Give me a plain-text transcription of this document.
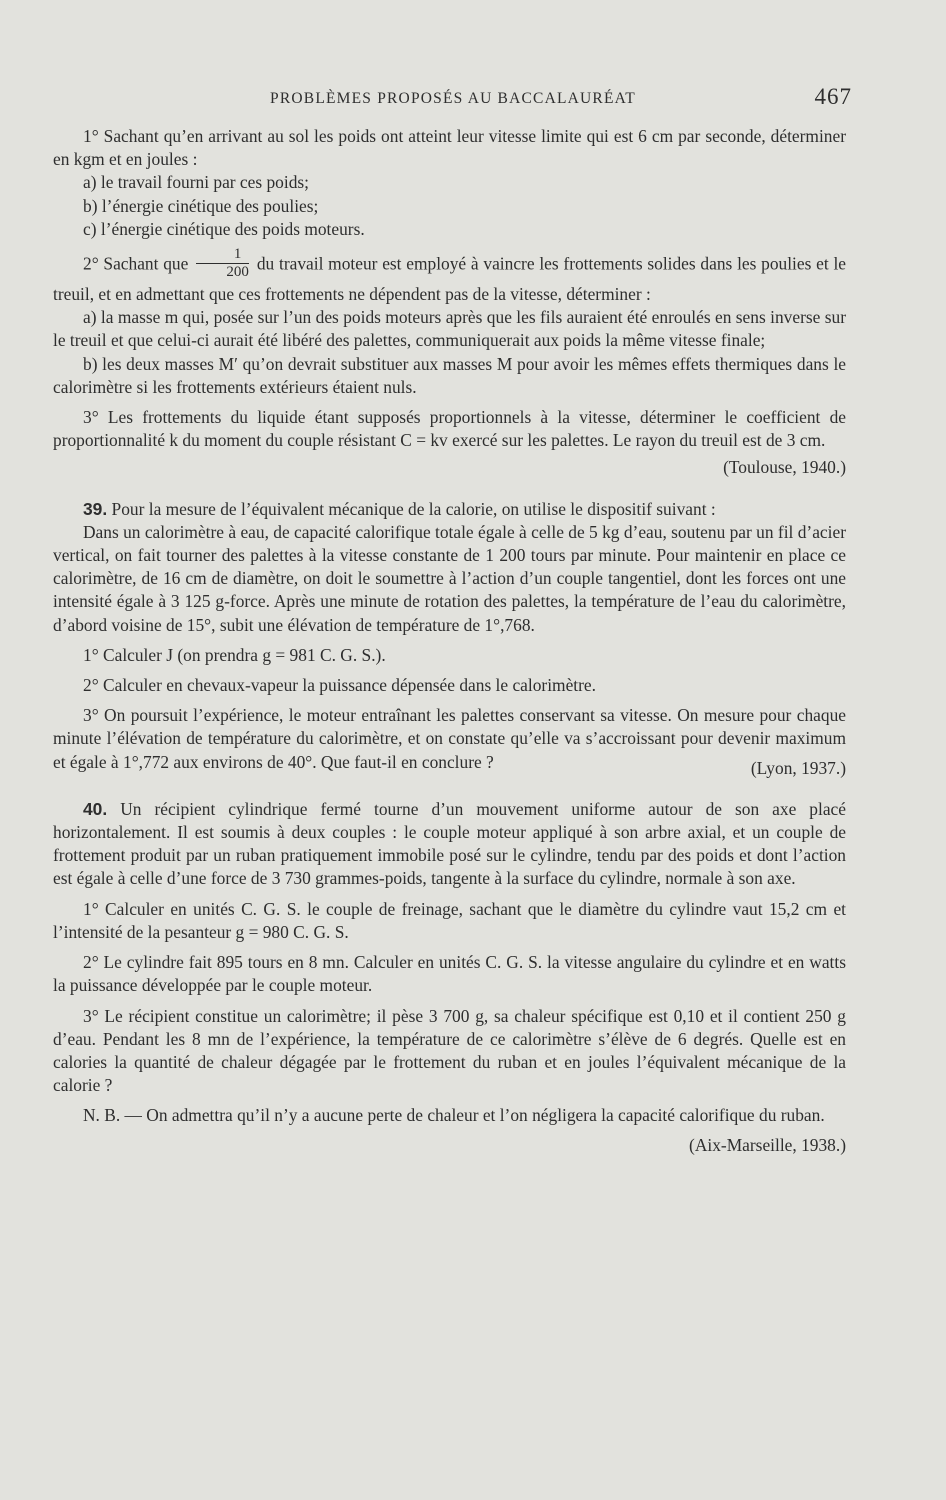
PROBLÈMES PROPOSÉS AU BACCALAURÉAT	467

1° Sachant qu’en arrivant au sol les poids ont atteint leur vitesse limite qui est 6 cm par seconde, déterminer en kgm et en joules :

a) le travail fourni par ces poids;

b) l’énergie cinétique des poulies;

c) l’énergie cinétique des poids moteurs.

2° Sachant que $\frac{1}{200}$ du travail moteur est employé à vaincre les frottements solides dans les poulies et le treuil, et en admettant que ces frottements ne dépendent pas de la vitesse, déterminer :

a) la masse m qui, posée sur l’un des poids moteurs après que les fils auraient été enroulés en sens inverse sur le treuil et que celui-ci aurait été libéré des palettes, communiquerait aux poids la même vitesse finale;

b) les deux masses M′ qu’on devrait substituer aux masses M pour avoir les mêmes effets thermiques dans le calorimètre si les frottements extérieurs étaient nuls.

3° Les frottements du liquide étant supposés proportionnels à la vitesse, déterminer le coefficient de proportionnalité k du moment du couple résistant C = kv exercé sur les palettes. Le rayon du treuil est de 3 cm.

(Toulouse, 1940.)

39. Pour la mesure de l’équivalent mécanique de la calorie, on utilise le dispositif suivant :

Dans un calorimètre à eau, de capacité calorifique totale égale à celle de 5 kg d’eau, soutenu par un fil d’acier vertical, on fait tourner des palettes à la vitesse constante de 1 200 tours par minute. Pour maintenir en place ce calorimètre, de 16 cm de diamètre, on doit le soumettre à l’action d’un couple tangentiel, dont les forces ont une intensité égale à 3 125 g-force. Après une minute de rotation des palettes, la température de l’eau du calorimètre, d’abord voisine de 15°, subit une élévation de température de 1°,768.

1° Calculer J (on prendra g = 981 C. G. S.).

2° Calculer en chevaux-vapeur la puissance dépensée dans le calorimètre.

3° On poursuit l’expérience, le moteur entraînant les palettes conservant sa vitesse. On mesure pour chaque minute l’élévation de température du calorimètre, et on constate qu’elle va s’accroissant pour devenir maximum et égale à 1°,772 aux environs de 40°. Que faut-il en conclure ?	(Lyon, 1937.)

40. Un récipient cylindrique fermé tourne d’un mouvement uniforme autour de son axe placé horizontalement. Il est soumis à deux couples : le couple moteur appliqué à son arbre axial, et un couple de frottement produit par un ruban pratiquement immobile posé sur le cylindre, tendu par des poids et dont l’action est égale à celle d’une force de 3 730 grammes-poids, tangente à la surface du cylindre, normale à son axe.

1° Calculer en unités C. G. S. le couple de freinage, sachant que le diamètre du cylindre vaut 15,2 cm et l’intensité de la pesanteur g = 980 C. G. S.

2° Le cylindre fait 895 tours en 8 mn. Calculer en unités C. G. S. la vitesse angulaire du cylindre et en watts la puissance développée par le couple moteur.

3° Le récipient constitue un calorimètre; il pèse 3 700 g, sa chaleur spécifique est 0,10 et il contient 250 g d’eau. Pendant les 8 mn de l’expérience, la température de ce calorimètre s’élève de 6 degrés. Quelle est en calories la quantité de chaleur dégagée par le frottement du ruban et en joules l’équivalent mécanique de la calorie ?

N. B. — On admettra qu’il n’y a aucune perte de chaleur et l’on négligera la capacité calorifique du ruban.
(Aix-Marseille, 1938.)
